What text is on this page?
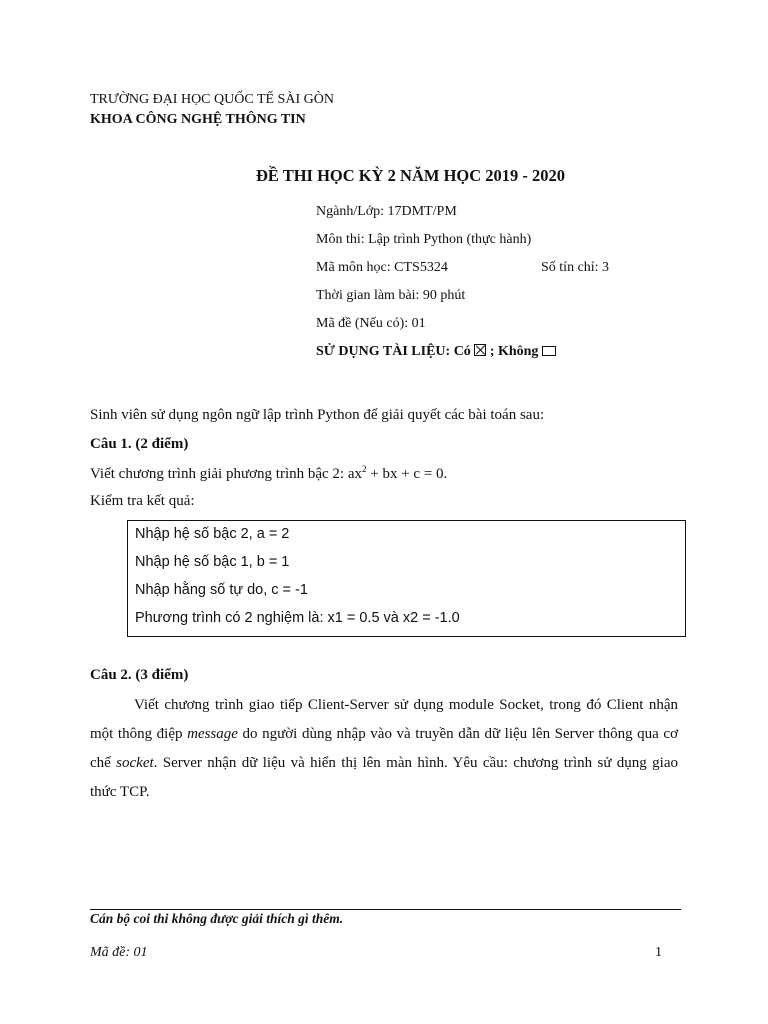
TRƯỜNG ĐẠI HỌC QUỐC TẾ SÀI GÒN
KHOA CÔNG NGHỆ THÔNG TIN
ĐỀ THI HỌC KỲ 2 NĂM HỌC 2019 - 2020
Ngành/Lớp: 17DMT/PM
Môn thi: Lập trình Python (thực hành)
Mã môn học: CTS5324	Số tín chỉ: 3
Thời gian làm bài: 90 phút
Mã đề (Nếu có): 01
SỬ DỤNG TÀI LIỆU: Có ; Không
Sinh viên sử dụng ngôn ngữ lập trình Python để giải quyết các bài toán sau:
Câu 1. (2 điểm)
Viết chương trình giải phương trình bậc 2: $ax^2$ + bx + c = 0.
Kiểm tra kết quả:
Nhập hệ số bậc 2, a = 2
Nhập hệ số bậc 1, b = 1
Nhập hằng số tự do, c = -1
Phương trình có 2 nghiệm là: x1 = 0.5 và x2 = -1.0
Câu 2. (3 điểm)
Viết chương trình giao tiếp Client-Server sử dụng module Socket, trong đó Client nhận một thông điệp message do người dùng nhập vào và truyền dẫn dữ liệu lên Server thông qua cơ chế socket. Server nhận dữ liệu và hiển thị lên màn hình. Yêu cầu: chương trình sử dụng giao thức TCP.
Cán bộ coi thi không được giải thích gì thêm.
Mã đề: 01	1
